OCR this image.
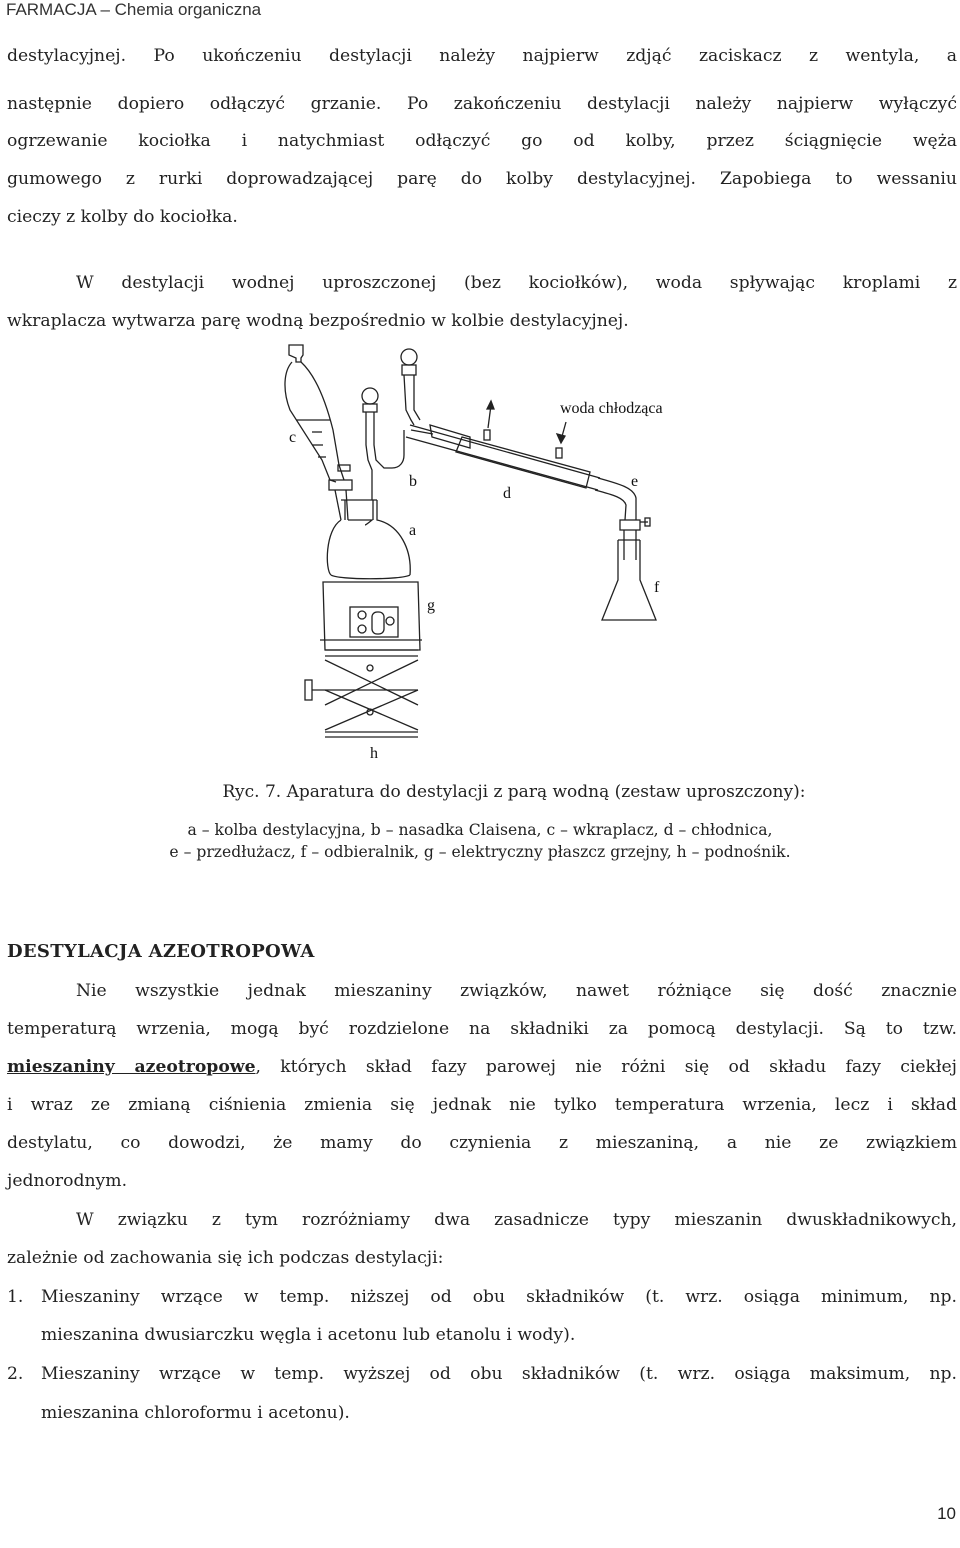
FARMACJA – Chemia organiczna
destylacyjnej. Po ukończeniu destylacji należy najpierw zdjąć zaciskacz z wentyla, a
następnie dopiero odłączyć grzanie. Po zakończeniu destylacji należy najpierw wyłączyć
ogrzewanie kociołka i natychmiast odłączyć go od kolby, przez ściągnięcie węża
gumowego z rurki doprowadzającej parę do kolby destylacyjnej. Zapobiega to wessaniu
cieczy z kolby do kociołka.
W destylacji wodnej uproszczonej (bez kociołków), woda spływając kroplami z
wkraplacza wytwarza parę wodną bezpośrednio w kolbie destylacyjnej.
c
b
d
e
a
g
f
h
woda chłodząca
Ryc. 7. Aparatura do destylacji z parą wodną (zestaw uproszczony):
a – kolba destylacyjna, b – nasadka Claisena, c – wkraplacz, d – chłodnica,
e – przedłużacz, f – odbieralnik, g – elektryczny płaszcz grzejny, h – podnośnik.
DESTYLACJA AZEOTROPOWA
Nie wszystkie jednak mieszaniny związków, nawet różniące się dość znacznie
temperaturą wrzenia, mogą być rozdzielone na składniki za pomocą destylacji. Są to tzw.
mieszaniny azeotropowe, których skład fazy parowej nie różni się od składu fazy ciekłej
i wraz ze zmianą ciśnienia zmienia się jednak nie tylko temperatura wrzenia, lecz i skład
destylatu, co dowodzi, że mamy do czynienia z mieszaniną, a nie ze związkiem
jednorodnym.
W związku z tym rozróżniamy dwa zasadnicze typy mieszanin dwuskładnikowych,
zależnie od zachowania się ich podczas destylacji:
1. Mieszaniny wrzące w temp. niższej od obu składników (t. wrz. osiąga minimum, np.
mieszanina dwusiarczku węgla i acetonu lub etanolu i wody).
2. Mieszaniny wrzące w temp. wyższej od obu składników (t. wrz. osiąga maksimum, np.
mieszanina chloroformu i acetonu).
10
